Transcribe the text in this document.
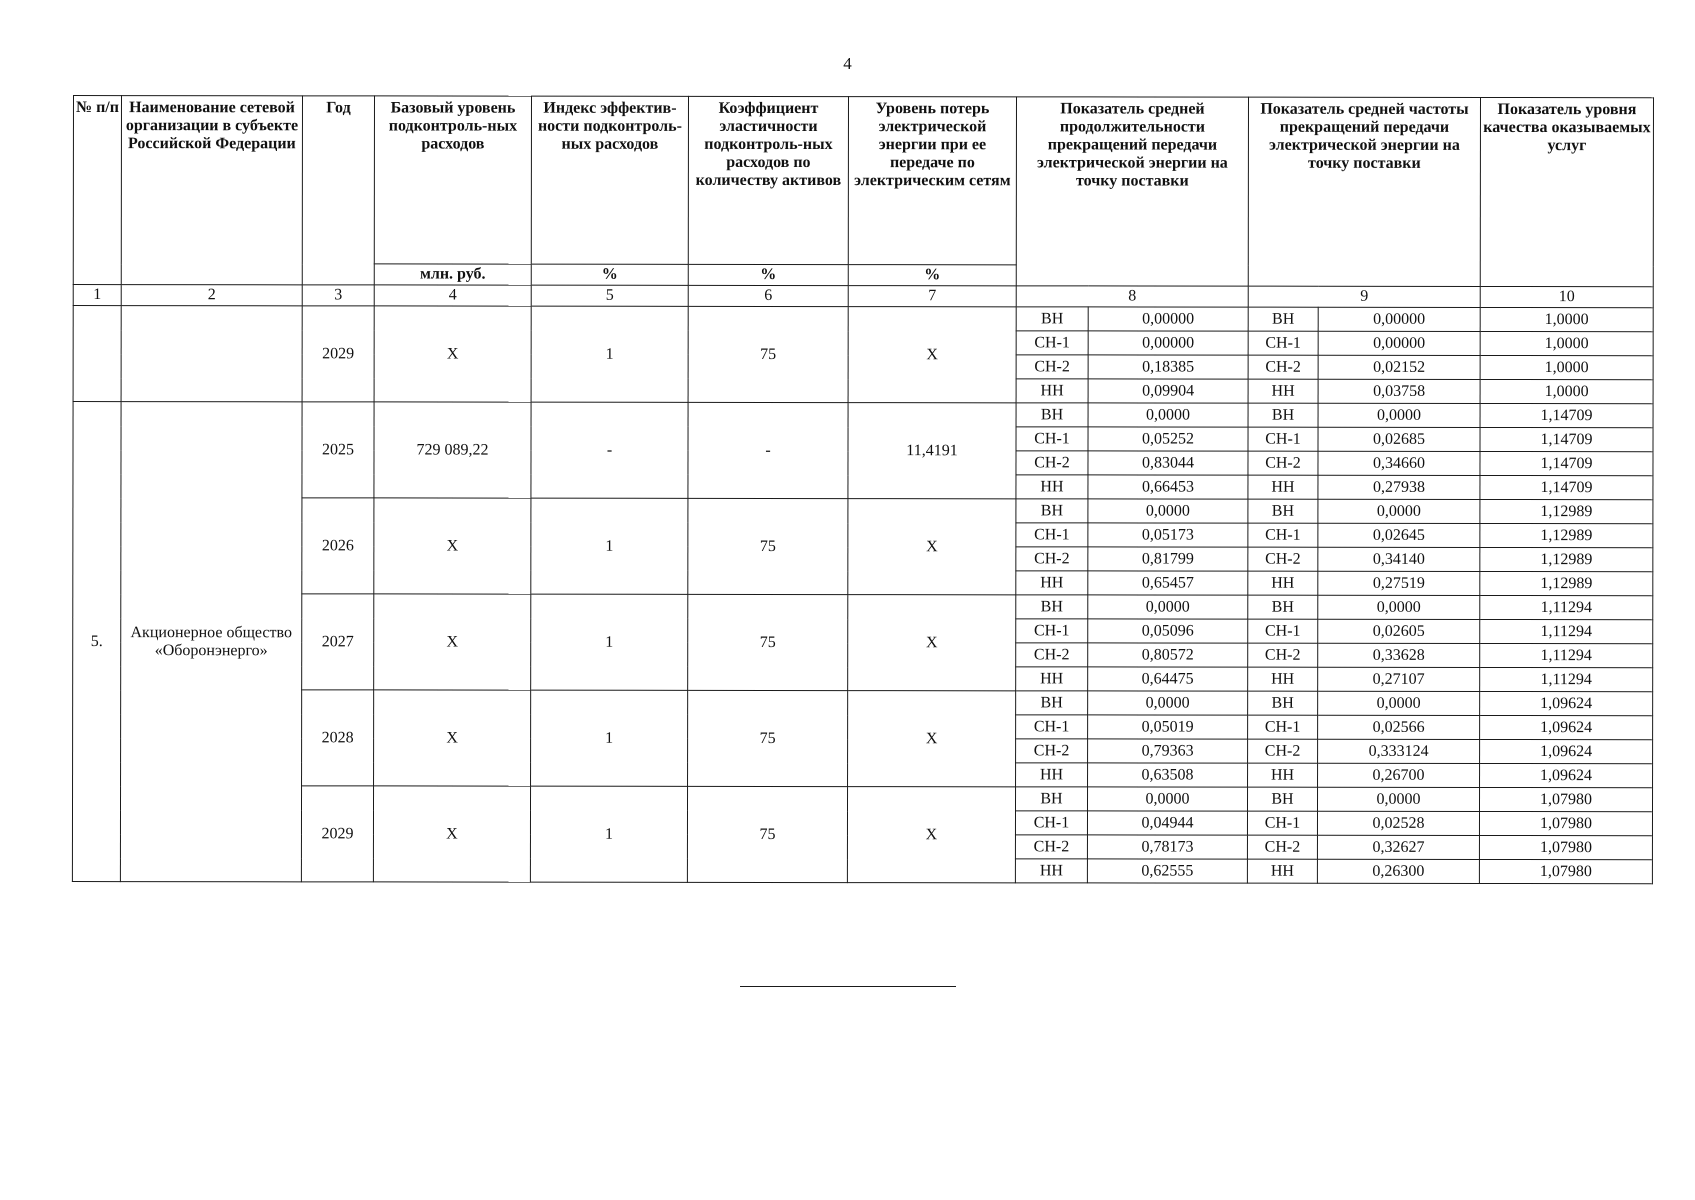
4
№ п/п	Наименование сетевой организации в субъекте Российской Федерации	Год	Базовый уровень подконтроль-ных расходов	Индекс эффектив-ности подконтроль-ных расходов	Коэффициент эластичности подконтроль-ных расходов по количеству активов	Уровень потерь электрической энергии при ее передаче по электрическим сетям	Показатель средней продолжительности прекращений передачи электрической энергии на точку поставки		Показатель средней частоты прекращений передачи электрической энергии на точку поставки		Показатель уровня качества оказываемых услуг
			млн. руб.	%	%	%					
1	2	3	4	5	6	7	8		9		10
		2029	X	1	75	X	ВН	0,00000	ВН	0,00000	1,0000
							СН-1	0,00000	СН-1	0,00000	1,0000
							СН-2	0,18385	СН-2	0,02152	1,0000
							НН	0,09904	НН	0,03758	1,0000
5.	Акционерное общество «Оборонэнерго»	2025	729 089,22	-	-	11,4191	ВН	0,0000	ВН	0,0000	1,14709
							СН-1	0,05252	СН-1	0,02685	1,14709
							СН-2	0,83044	СН-2	0,34660	1,14709
							НН	0,66453	НН	0,27938	1,14709
		2026	X	1	75	X	ВН	0,0000	ВН	0,0000	1,12989
							СН-1	0,05173	СН-1	0,02645	1,12989
							СН-2	0,81799	СН-2	0,34140	1,12989
							НН	0,65457	НН	0,27519	1,12989
		2027	X	1	75	X	ВН	0,0000	ВН	0,0000	1,11294
							СН-1	0,05096	СН-1	0,02605	1,11294
							СН-2	0,80572	СН-2	0,33628	1,11294
							НН	0,64475	НН	0,27107	1,11294
		2028	X	1	75	X	ВН	0,0000	ВН	0,0000	1,09624
							СН-1	0,05019	СН-1	0,02566	1,09624
							СН-2	0,79363	СН-2	0,333124	1,09624
							НН	0,63508	НН	0,26700	1,09624
		2029	X	1	75	X	ВН	0,0000	ВН	0,0000	1,07980
							СН-1	0,04944	СН-1	0,02528	1,07980
							СН-2	0,78173	СН-2	0,32627	1,07980
							НН	0,62555	НН	0,26300	1,07980
